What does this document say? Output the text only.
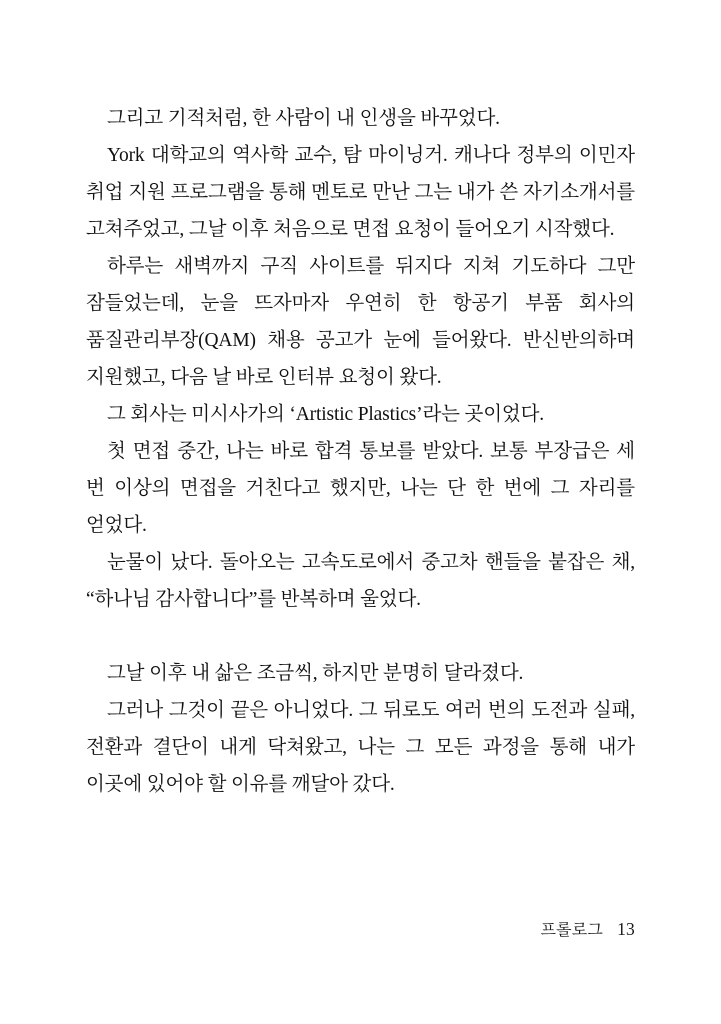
그리고 기적처럼, 한 사람이 내 인생을 바꾸었다.

York 대학교의 역사학 교수, 탐 마이닝거. 캐나다 정부의 이민자 취업 지원 프로그램을 통해 멘토로 만난 그는 내가 쓴 자기소개서를 고쳐주었고, 그날 이후 처음으로 면접 요청이 들어오기 시작했다.

하루는 새벽까지 구직 사이트를 뒤지다 지쳐 기도하다 그만 잠들었는데, 눈을 뜨자마자 우연히 한 항공기 부품 회사의 품질관리부장(QAM) 채용 공고가 눈에 들어왔다. 반신반의하며 지원했고, 다음 날 바로 인터뷰 요청이 왔다.

그 회사는 미시사가의 ‘Artistic Plastics’라는 곳이었다.

첫 면접 중간, 나는 바로 합격 통보를 받았다. 보통 부장급은 세 번 이상의 면접을 거친다고 했지만, 나는 단 한 번에 그 자리를 얻었다.

눈물이 났다. 돌아오는 고속도로에서 중고차 핸들을 붙잡은 채, “하나님 감사합니다”를 반복하며 울었다.

그날 이후 내 삶은 조금씩, 하지만 분명히 달라졌다.

그러나 그것이 끝은 아니었다. 그 뒤로도 여러 번의 도전과 실패, 전환과 결단이 내게 닥쳐왔고, 나는 그 모든 과정을 통해 내가 이곳에 있어야 할 이유를 깨달아 갔다.

프롤로그 13
